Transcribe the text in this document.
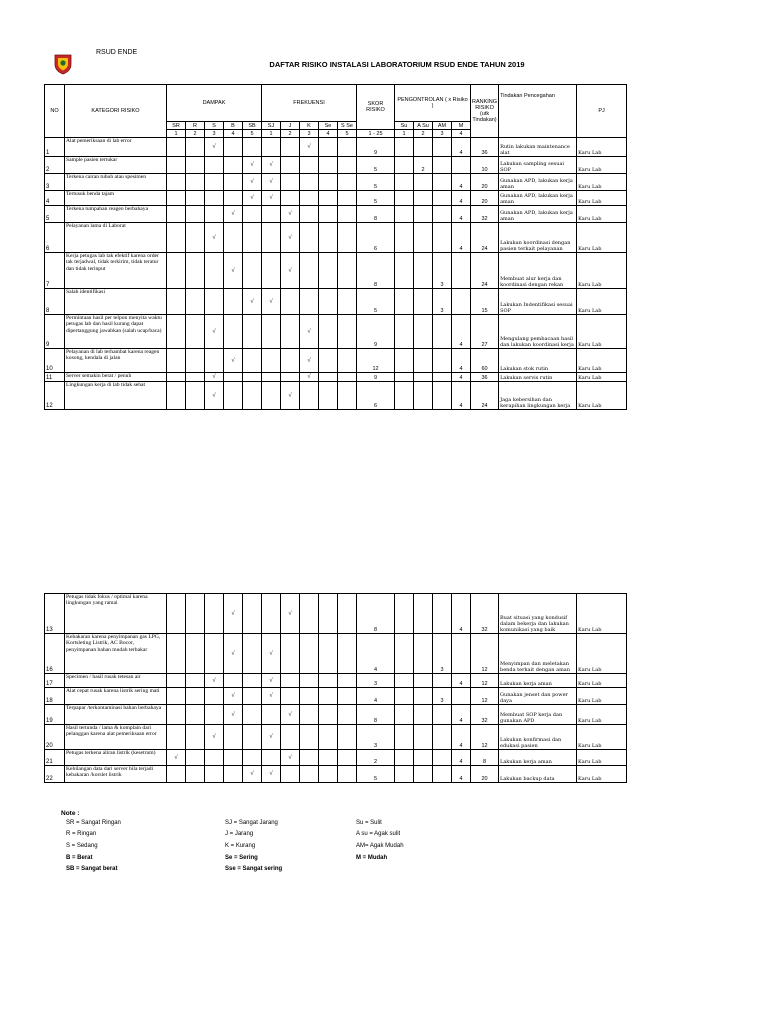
RSUD ENDE
DAFTAR RISIKO INSTALASI LABORATORIUM RSUD ENDE TAHUN 2019
NO	KATEGORI RISIKO	DAMPAK					FREKUENSI					SKOR RISIKO	PENGONTROLAN ( x Risiko )				RANKING RISIKO (utk Tindakan)	Tindakan Pencegahan	PJ
		SR	R	S	B	SB	SJ	J	K	Se	S Se		Su	A Su	AM	M			
		1	2	3	4	5	1	2	3	4	5	1 - 25	1	2	3	4			
1	Alat pemeriksaan di lab error			√					√			9				4	36	Rutin lakukan maintenance alat	Karu Lab
2	Sample pasien tertukar					√	√					5		2			10	Lakukan sampling sesuai SOP	Karu Lab
3	Terkena cairan tubuh atau spesimen					√	√					5				4	20	Gunakan APD, lakukan kerja aman	Karu Lab
4	Tertusuk benda tajam					√	√					5				4	20	Gunakan APD, lakukan kerja aman	Karu Lab
5	Terkena tumpahan reagen berbahaya				√			√				8				4	32	Gunakan APD, lakukan kerja aman	Karu Lab
6	Pelayanan lama di Laborat			√				√				6				4	24	Lakukan koordinasi dengan pasien terkait pelayanan	Karu Lab
7	Kerja petugas lab tak efektif karena order tak terjadwal, tidak terkirim, tidak teratur dan tidak terinput				√			√				8			3		24	Membuat alur kerja dan koordinasi dengan rekan	Karu Lab
8	Salah identifikasi					√	√					5			3		15	Lakukan Indentifikasi sesuai SOP	Karu Lab
9	Permintaan hasil per telpon menyita waktu petugas lab dan hasil kurang dapat dipertanggung jawabkan (salah ucap/baca)			√					√			9				4	27	Mengulang pembacaan hasil dan lakukan koordinasi kerja	Karu Lab
10	Pelayanan di lab terhambat karena reagen kosong, kendala di jalan				√				√			12				4	60	Lakukan stok rutin	Karu Lab
11	Server semakin berat / penuh			√					√			9				4	36	Lakukan servis rutin	Karu Lab
12	Lingkungan kerja di lab tidak sehat			√				√				6				4	24	Jaga kebersihan dan kerapihan lingkungan kerja	Karu Lab
13	Petugas tidak fokus / optimal karena lingkungan yang ramai				√			√				8				4	32	Buat situasi yang kondusif dalam bekerja dan lakukan komunikasi yang baik	Karu Lab
16	Kebakaran karena penyimpanan gas LPG, Kortsleting Listrik, AC Bocor, penyimpanan bahan mudah terbakar				√		√					4			3		12	Menyimpan dan meletakan benda terkait dengan aman	Karu Lab
17	Specimen / hasil rusak tetesan air			√			√					3				4	12	Lakukan kerja aman	Karu Lab
18	Alat cepat rusak karena listrik sering mati				√		√					4			3		12	Gunakan jenset dan power daya	Karu Lab
19	Terpapar /terkontaminasi bahan berbahaya				√			√				8				4	32	Membuat SOP kerja dan gunakan APD	Karu Lab
20	Hasil tertunda / lama & komplain dari pelanggan karena alat pemeriksaan error			√			√					3				4	12	Lakukan konfirmasi dan edukasi pasien	Karu Lab
21	Petugas terkena aliran listrik (kesetrum)	√						√				2				4	8	Lakukan kerja aman	Karu Lab
22	Kehilangan data dari server bila terjadi kebakaran /korslet listrik					√	√					5				4	20	Lakukan backup data	Karu Lab
Note :
SR = Sangat Ringan
R = Ringan
S = Sedang
B = Berat
SB = Sangat berat
SJ = Sangat Jarang
J = Jarang
K = Kurang
Se = Sering
Sse = Sangat sering
Su = Sulit
A su = Agak sulit
AM= Agak Mudah
M = Mudah
